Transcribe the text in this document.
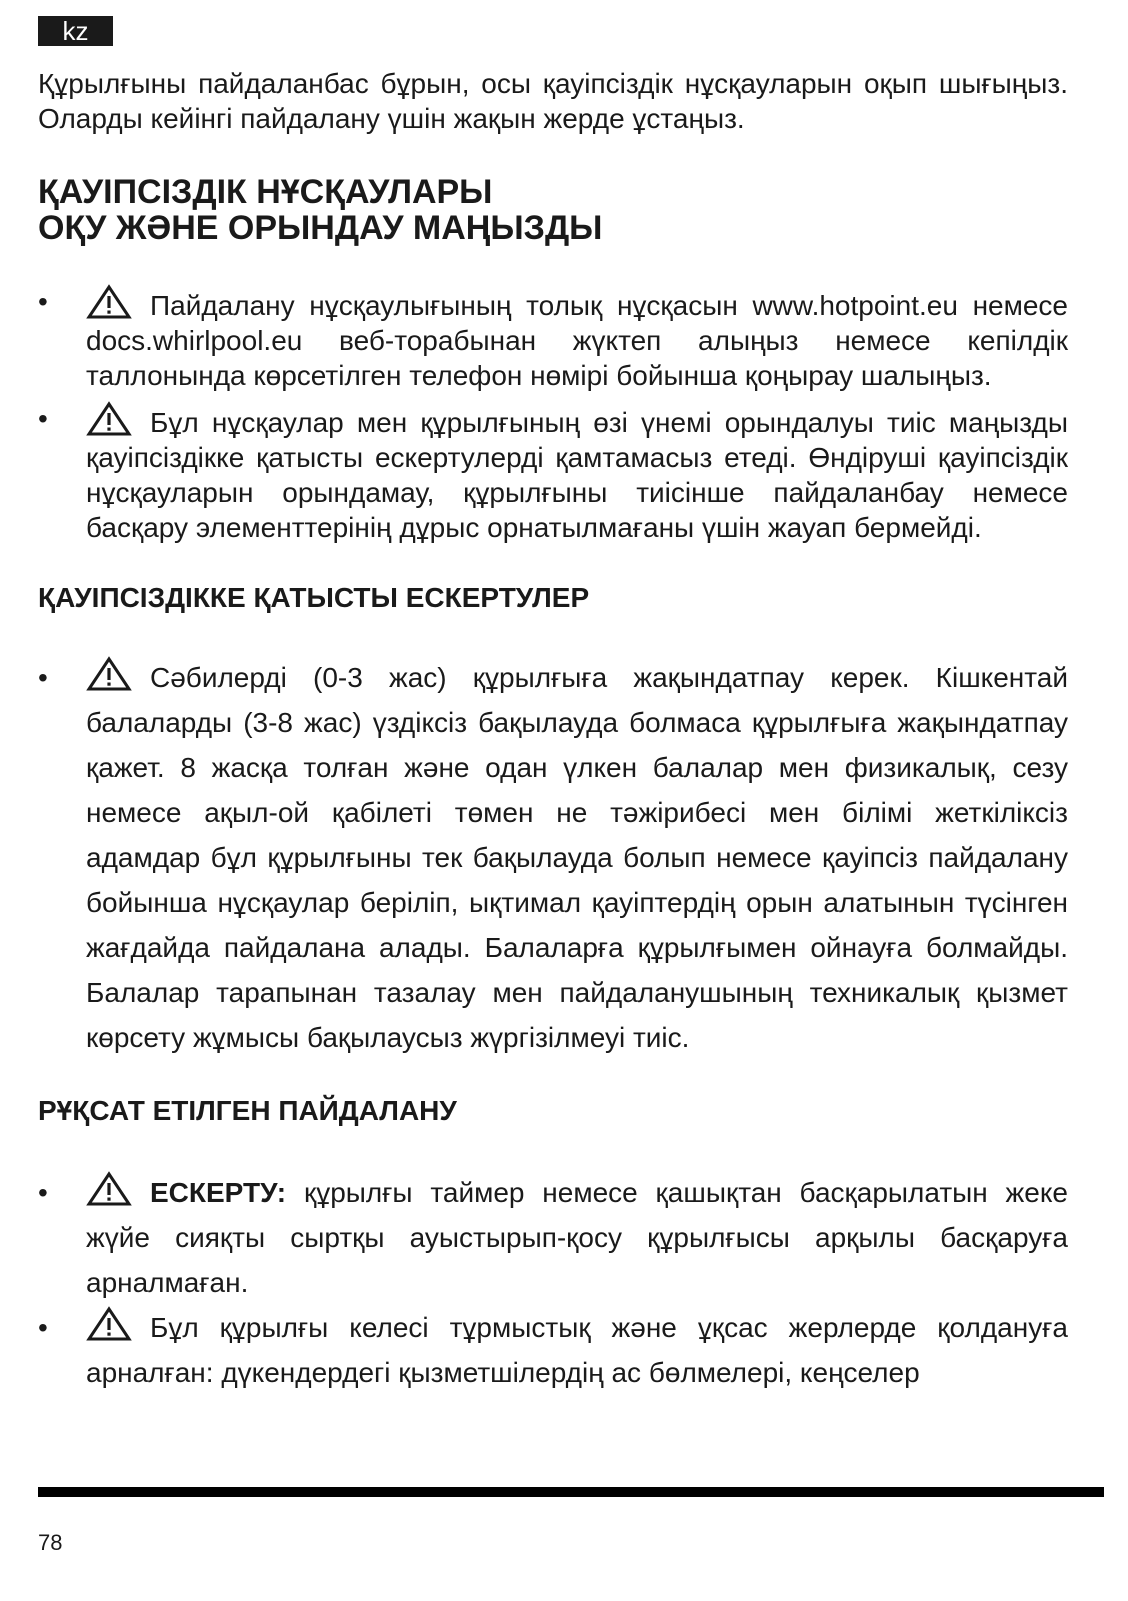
kz

Құрылғыны пайдаланбас бұрын, осы қауіпсіздік нұсқауларын оқып шығыңыз. Оларды кейінгі пайдалану үшін жақын жерде ұстаңыз.

ҚАУІПСІЗДІК НҰСҚАУЛАРЫ
ОҚУ ЖӘНЕ ОРЫНДАУ МАҢЫЗДЫ
•	Пайдалану нұсқаулығының толық нұсқасын www.hotpoint.eu немесе docs.whirlpool.eu веб-торабынан жүктеп алыңыз немесе кепілдік таллонында көрсетілген телефон нөмірі бойынша қоңырау шалыңыз.
•	Бұл нұсқаулар мен құрылғының өзі үнемі орындалуы тиіс маңызды қауіпсіздікке қатысты ескертулерді қамтамасыз етеді. Өндіруші қауіпсіздік нұсқауларын орындамау, құрылғыны тиісінше пайдаланбау немесе басқару элементтерінің дұрыс орнатылмағаны үшін жауап бермейді.
ҚАУІПСІЗДІККЕ ҚАТЫСТЫ ЕСКЕРТУЛЕР
•	Сәбилерді (0-3 жас) құрылғыға жақындатпау керек. Кішкентай балаларды (3-8 жас) үздіксіз бақылауда болмаса құрылғыға жақындатпау қажет. 8 жасқа толған және одан үлкен балалар мен физикалық, сезу немесе ақыл-ой қабілеті төмен не тәжірибесі мен білімі жеткіліксіз адамдар бұл құрылғыны тек бақылауда болып немесе қауіпсіз пайдалану бойынша нұсқаулар беріліп, ықтимал қауіптердің орын алатынын түсінген жағдайда пайдалана алады. Балаларға құрылғымен ойнауға болмайды. Балалар тарапынан тазалау мен пайдаланушының техникалық қызмет көрсету жұмысы бақылаусыз жүргізілмеуі тиіс.
РҰҚСАТ ЕТІЛГЕН ПАЙДАЛАНУ
•	ЕСКЕРТУ: құрылғы таймер немесе қашықтан басқарылатын жеке жүйе сияқты сыртқы ауыстырып-қосу құрылғысы арқылы басқаруға арналмаған.
•	Бұл құрылғы келесі тұрмыстық және ұқсас жерлерде қолдануға арналған: дүкендердегі қызметшілердің ас бөлмелері, кеңселер
78
